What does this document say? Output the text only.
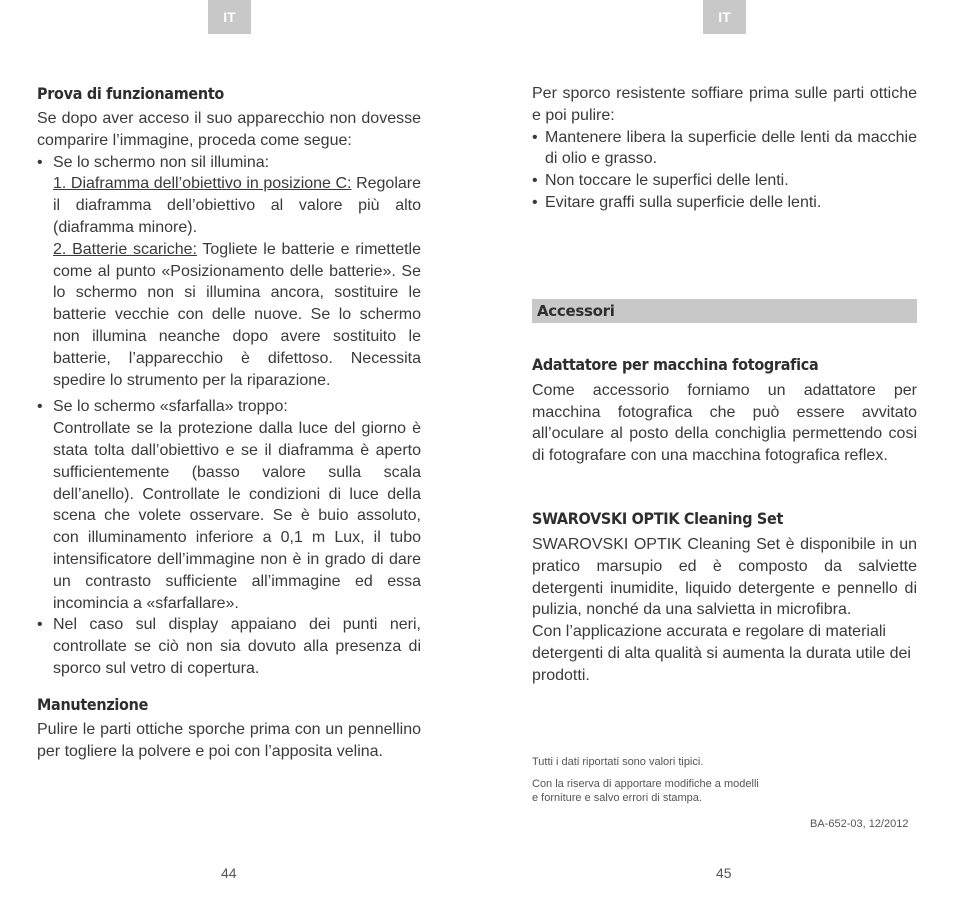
IT	IT
Prova di funzionamento

Se dopo aver acceso il suo apparecchio non dovesse comparire l’immagine, proceda come segue:

• Se lo schermo non sil illumina:
1. Diaframma dell’obiettivo in posizione C: Regolare il diaframma dell’obiettivo al valore più alto (diaframma minore).
2. Batterie scariche: Togliete le batterie e rimettetle come al punto «Posizionamento delle batterie». Se lo schermo non si illumina ancora, sostituire le batterie vecchie con delle nuove. Se lo schermo non illumina neanche dopo avere sostituito le batterie, l’apparecchio è difettoso. Necessita spedire lo strumento per la riparazione.
• Se lo schermo «sfarfalla» troppo:
Controllate se la protezione dalla luce del giorno è stata tolta dall’obiettivo e se il diaframma è aperto sufficientemente (basso valore sulla scala dell’anello). Controllate le condizioni di luce della scena che volete osservare. Se è buio assoluto, con illuminamento inferiore a 0,1 m Lux, il tubo intensificatore dell’immagine non è in grado di dare un contrasto sufficiente all’immagine ed essa incomincia a «sfarfallare».
• Nel caso sul display appaiano dei punti neri, controllate se ciò non sia dovuto alla presenza di sporco sul vetro di copertura.
Manutenzione

Pulire le parti ottiche sporche prima con un pennellino per togliere la polvere e poi con l’apposita velina.

Per sporco resistente soffiare prima sulle parti ottiche e poi pulire:

• Mantenere libera la superficie delle lenti da macchie di olio e grasso.
• Non toccare le superfici delle lenti.
• Evitare graffi sulla superficie delle lenti.
Accessori
Adattatore per macchina fotografica

Come accessorio forniamo un adattatore per macchina fotografica che può essere avvitato all’oculare al posto della conchiglia permettendo cosi di fotografare con una macchina fotografica reflex.

SWAROVSKI OPTIK Cleaning Set

SWAROVSKI OPTIK Cleaning Set è disponibile in un pratico marsupio ed è composto da salviette detergenti inumidite, liquido detergente e pennello di pulizia, nonché da una salvietta in microfibra.

Con l’applicazione accurata e regolare di materiali detergenti di alta qualità si aumenta la durata utile dei prodotti.

Tutti i dati riportati sono valori tipici.
Con la riserva di apportare modifiche a modelli
e forniture e salvo errori di stampa.
BA-652-03, 12/2012
44	45
